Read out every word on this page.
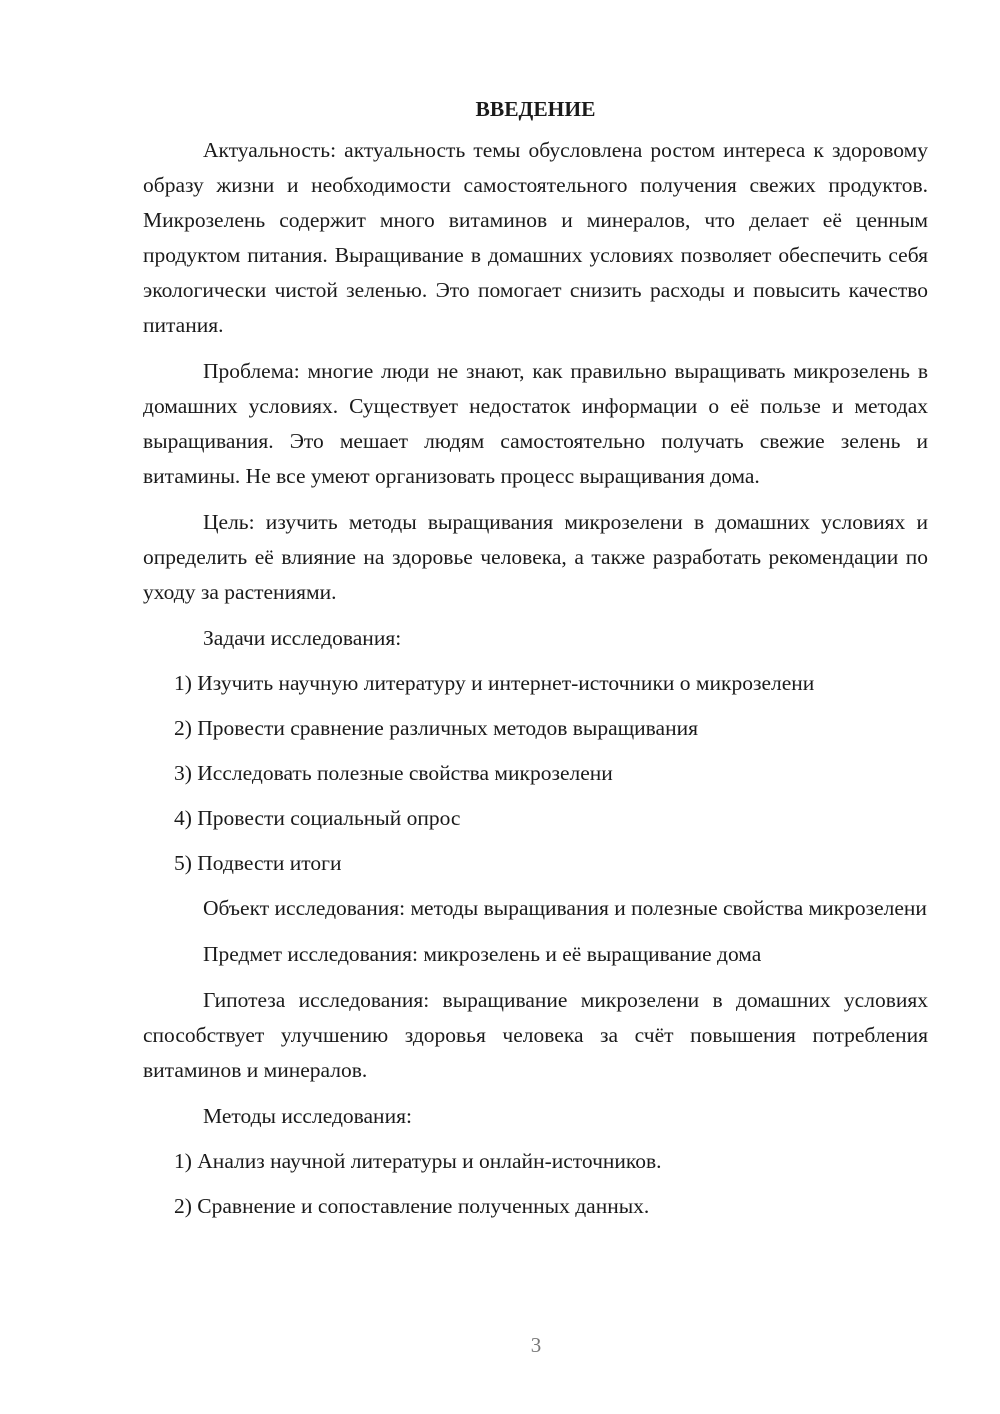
ВВЕДЕНИЕ

Актуальность: актуальность темы обусловлена ростом интереса к здоровому образу жизни и необходимости самостоятельного получения свежих продуктов. Микрозелень содержит много витаминов и минералов, что делает её ценным продуктом питания. Выращивание в домашних условиях позволяет обеспечить себя экологически чистой зеленью. Это помогает снизить расходы и повысить качество питания.

Проблема: многие люди не знают, как правильно выращивать микрозелень в домашних условиях. Существует недостаток информации о её пользе и методах выращивания. Это мешает людям самостоятельно получать свежие зелень и витамины. Не все умеют организовать процесс выращивания дома.

Цель: изучить методы выращивания микрозелени в домашних условиях и определить её влияние на здоровье человека, а также разработать рекомендации по уходу за растениями.

Задачи исследования:

1) Изучить научную литературу и интернет-источники о микрозелени
2) Провести сравнение различных методов выращивания
3) Исследовать полезные свойства микрозелени
4) Провести социальный опрос
5) Подвести итоги

Объект исследования: методы выращивания и полезные свойства микрозелени

Предмет исследования: микрозелень и её выращивание дома

Гипотеза исследования: выращивание микрозелени в домашних условиях способствует улучшению здоровья человека за счёт повышения потребления витаминов и минералов.

Методы исследования:

1) Анализ научной литературы и онлайн-источников.
2) Сравнение и сопоставление полученных данных.
3
